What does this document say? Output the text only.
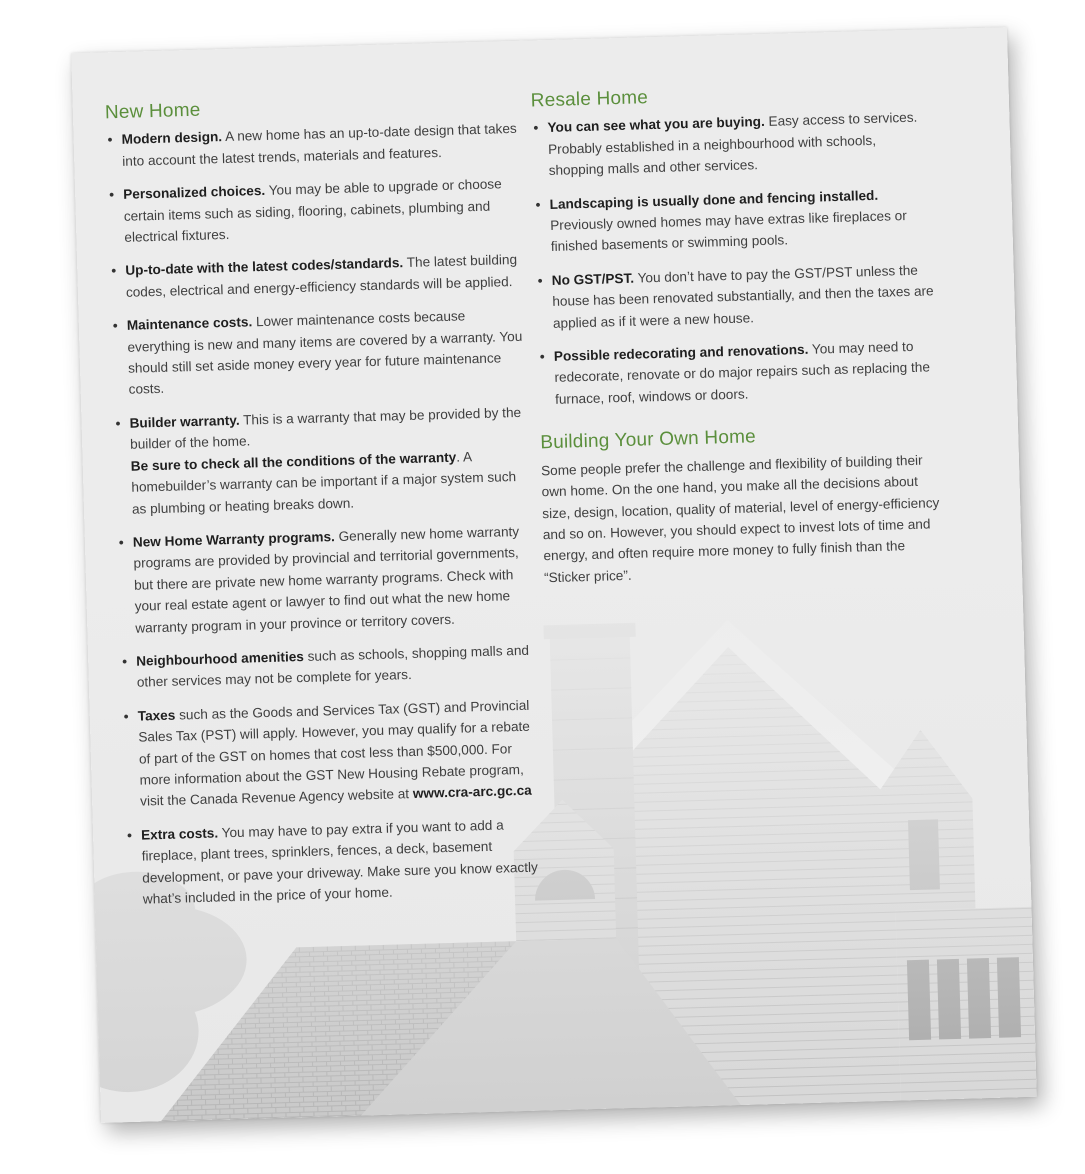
New Home
• Modern design. A new home has an up-to-date design that takes into account the latest trends, materials and features.
• Personalized choices. You may be able to upgrade or choose certain items such as siding, flooring, cabinets, plumbing and electrical fixtures.
• Up-to-date with the latest codes/standards. The latest building codes, electrical and energy-efficiency standards will be applied.
• Maintenance costs. Lower maintenance costs because everything is new and many items are covered by a warranty. You should still set aside money every year for future maintenance costs.
• Builder warranty. This is a warranty that may be provided by the builder of the home.
Be sure to check all the conditions of the warranty. A homebuilder’s warranty can be important if a major system such as plumbing or heating breaks down.
• New Home Warranty programs. Generally new home warranty programs are provided by provincial and territorial governments, but there are private new home warranty programs. Check with your real estate agent or lawyer to find out what the new home warranty program in your province or territory covers.
• Neighbourhood amenities such as schools, shopping malls and other services may not be complete for years.
• Taxes such as the Goods and Services Tax (GST) and Provincial Sales Tax (PST) will apply. However, you may qualify for a rebate of part of the GST on homes that cost less than $500,000. For more information about the GST New Housing Rebate program, visit the Canada Revenue Agency website at www.cra-arc.gc.ca
• Extra costs. You may have to pay extra if you want to add a fireplace, plant trees, sprinklers, fences, a deck, basement development, or pave your driveway. Make sure you know exactly what’s included in the price of your home.
Resale Home
• You can see what you are buying. Easy access to services. Probably established in a neighbourhood with schools, shopping malls and other services.
• Landscaping is usually done and fencing installed. Previously owned homes may have extras like fireplaces or finished basements or swimming pools.
• No GST/PST. You don’t have to pay the GST/PST unless the house has been renovated substantially, and then the taxes are applied as if it were a new house.
• Possible redecorating and renovations. You may need to redecorate, renovate or do major repairs such as replacing the furnace, roof, windows or doors.
Building Your Own Home

Some people prefer the challenge and flexibility of building their own home. On the one hand, you make all the decisions about size, design, location, quality of material, level of energy-efficiency and so on. However, you should expect to invest lots of time and energy, and often require more money to fully finish than the “Sticker price”.
